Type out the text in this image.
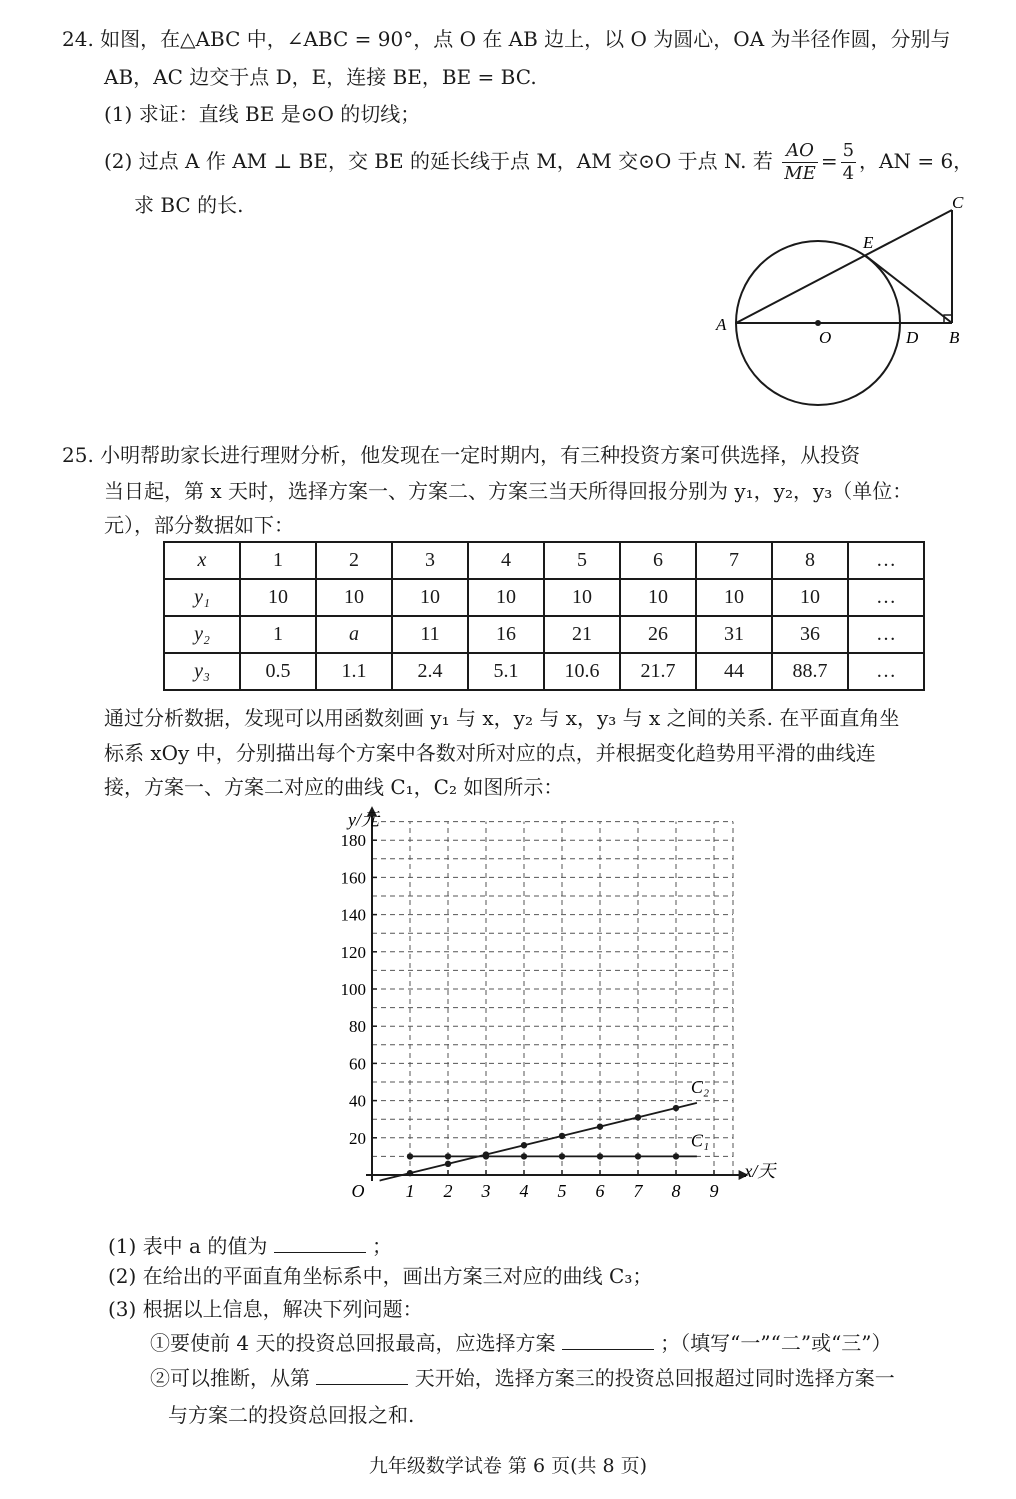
24. 如图，在△ABC 中，∠ABC = 90°，点 O 在 AB 边上，以 O 为圆心，OA 为半径作圆，分别与
AB，AC 边交于点 D，E，连接 BE，BE = BC.
(1) 求证：直线 BE 是⊙O 的切线；
(2) 过点 A 作 AM ⊥ BE，交 BE 的延长线于点 M，AM 交⊙O 于点 N. 若 $\frac{AO}{ME} = \frac{5}{4}$ ，AN = 6，
求 BC 的长.
A
O	D B
E
C
25. 小明帮助家长进行理财分析，他发现在一定时期内，有三种投资方案可供选择，从投资
当日起，第 x 天时，选择方案一、方案二、方案三当天所得回报分别为 y₁，y₂，y₃（单位：
元），部分数据如下：
x	1	2	3	4	5	6	7	8	…
y₁	10	10	10	10	10	10	10	10	…
y₂	1	a	11	16	21	26	31	36	…
y₃	0.5	1.1	2.4	5.1	10.6	21.7	44	88.7	…
通过分析数据，发现可以用函数刻画 y₁ 与 x，y₂ 与 x，y₃ 与 x 之间的关系. 在平面直角坐
标系 xOy 中，分别描出每个方案中各数对所对应的点，并根据变化趋势用平滑的曲线连
接，方案一、方案二对应的曲线 C₁，C₂ 如图所示：
1 2 3 4 5 6 7 8 9
20
40
60
80
100
120
140
160
180
O
y/元
x/天
C₁
C₂
(1) 表中 a 的值为	；
(2) 在给出的平面直角坐标系中，画出方案三对应的曲线 C₃；
(3) 根据以上信息，解决下列问题：
①要使前 4 天的投资总回报最高，应选择方案	；（填写“一”“二”或“三”）
②可以推断，从第	天开始，选择方案三的投资总回报超过同时选择方案一
与方案二的投资总回报之和.
九年级数学试卷 第 6 页(共 8 页)
